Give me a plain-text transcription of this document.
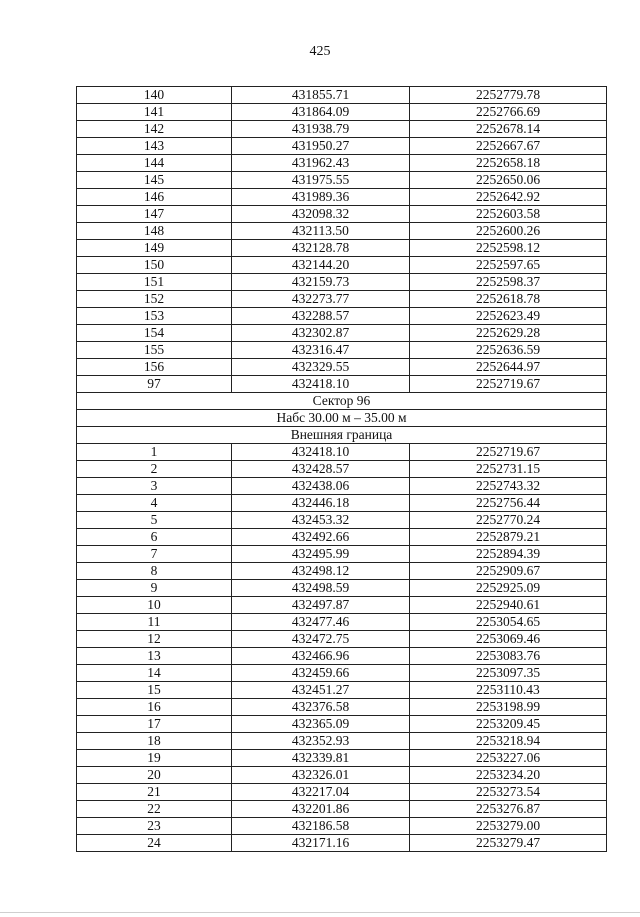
425
140	431855.71	2252779.78
141	431864.09	2252766.69
142	431938.79	2252678.14
143	431950.27	2252667.67
144	431962.43	2252658.18
145	431975.55	2252650.06
146	431989.36	2252642.92
147	432098.32	2252603.58
148	432113.50	2252600.26
149	432128.78	2252598.12
150	432144.20	2252597.65
151	432159.73	2252598.37
152	432273.77	2252618.78
153	432288.57	2252623.49
154	432302.87	2252629.28
155	432316.47	2252636.59
156	432329.55	2252644.97
97	432418.10	2252719.67
Сектор 96		
Набс 30.00 м – 35.00 м		
Внешняя граница		
1	432418.10	2252719.67
2	432428.57	2252731.15
3	432438.06	2252743.32
4	432446.18	2252756.44
5	432453.32	2252770.24
6	432492.66	2252879.21
7	432495.99	2252894.39
8	432498.12	2252909.67
9	432498.59	2252925.09
10	432497.87	2252940.61
11	432477.46	2253054.65
12	432472.75	2253069.46
13	432466.96	2253083.76
14	432459.66	2253097.35
15	432451.27	2253110.43
16	432376.58	2253198.99
17	432365.09	2253209.45
18	432352.93	2253218.94
19	432339.81	2253227.06
20	432326.01	2253234.20
21	432217.04	2253273.54
22	432201.86	2253276.87
23	432186.58	2253279.00
24	432171.16	2253279.47
